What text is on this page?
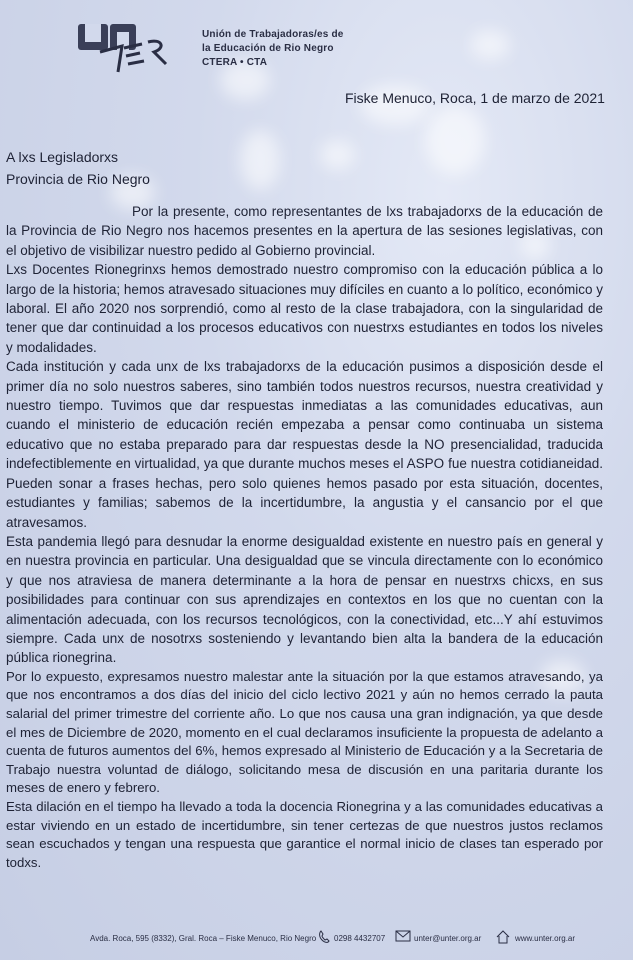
Unión de Trabajadoras/es de
la Educación de Rio Negro
CTERA • CTA
Fiske Menuco, Roca, 1 de marzo de 2021
A lxs Legisladorxs
Provincia de Rio Negro

Por la presente, como representantes de lxs trabajadorxs de la educación de la Provincia de Rio Negro nos hacemos presentes en la apertura de las sesiones legislativas, con el objetivo de visibilizar nuestro pedido al Gobierno provincial.

Lxs Docentes Rionegrinxs hemos demostrado nuestro compromiso con la educación pública a lo largo de la historia; hemos atravesado situaciones muy difíciles en cuanto a lo político, económico y laboral. El año 2020 nos sorprendió, como al resto de la clase trabajadora, con la singularidad de tener que dar continuidad a los procesos educativos con nuestrxs estudiantes en todos los niveles y modalidades.

Cada institución y cada unx de lxs trabajadorxs de la educación pusimos a disposición desde el primer día no solo nuestros saberes, sino también todos nuestros recursos, nuestra creatividad y nuestro tiempo. Tuvimos que dar respuestas inmediatas a las comunidades educativas, aun cuando el ministerio de educación recién empezaba a pensar como continuaba un sistema educativo que no estaba preparado para dar respuestas desde la NO presencialidad, traducida indefectiblemente en virtualidad, ya que durante muchos meses el ASPO fue nuestra cotidianeidad. Pueden sonar a frases hechas, pero solo quienes hemos pasado por esta situación, docentes, estudiantes y familias; sabemos de la incertidumbre, la angustia y el cansancio por el que atravesamos.

Esta pandemia llegó para desnudar la enorme desigualdad existente en nuestro país en general y en nuestra provincia en particular. Una desigualdad que se vincula directamente con lo económico y que nos atraviesa de manera determinante a la hora de pensar en nuestrxs chicxs, en sus posibilidades para continuar con sus aprendizajes en contextos en los que no cuentan con la alimentación adecuada, con los recursos tecnológicos, con la conectividad, etc...Y ahí estuvimos siempre. Cada unx de nosotrxs sosteniendo y levantando bien alta la bandera de la educación pública rionegrina.

Por lo expuesto, expresamos nuestro malestar ante la situación por la que estamos atravesando, ya que nos encontramos a dos días del inicio del ciclo lectivo 2021 y aún no hemos cerrado la pauta salarial del primer trimestre del corriente año. Lo que nos causa una gran indignación, ya que desde el mes de Diciembre de 2020, momento en el cual declaramos insuficiente la propuesta de adelanto a cuenta de futuros aumentos del 6%, hemos expresado al Ministerio de Educación y a la Secretaria de Trabajo nuestra voluntad de diálogo, solicitando mesa de discusión en una paritaria durante los meses de enero y febrero.

Esta dilación en el tiempo ha llevado a toda la docencia Rionegrina y a las comunidades educativas a estar viviendo en un estado de incertidumbre, sin tener certezas de que nuestros justos reclamos sean escuchados y tengan una respuesta que garantice el normal inicio de clases tan esperado por todxs.

Avda. Roca, 595 (8332), Gral. Roca – Fiske Menuco, Rio Negro 0298 4432707	unter@unter.org.ar	www.unter.org.ar
